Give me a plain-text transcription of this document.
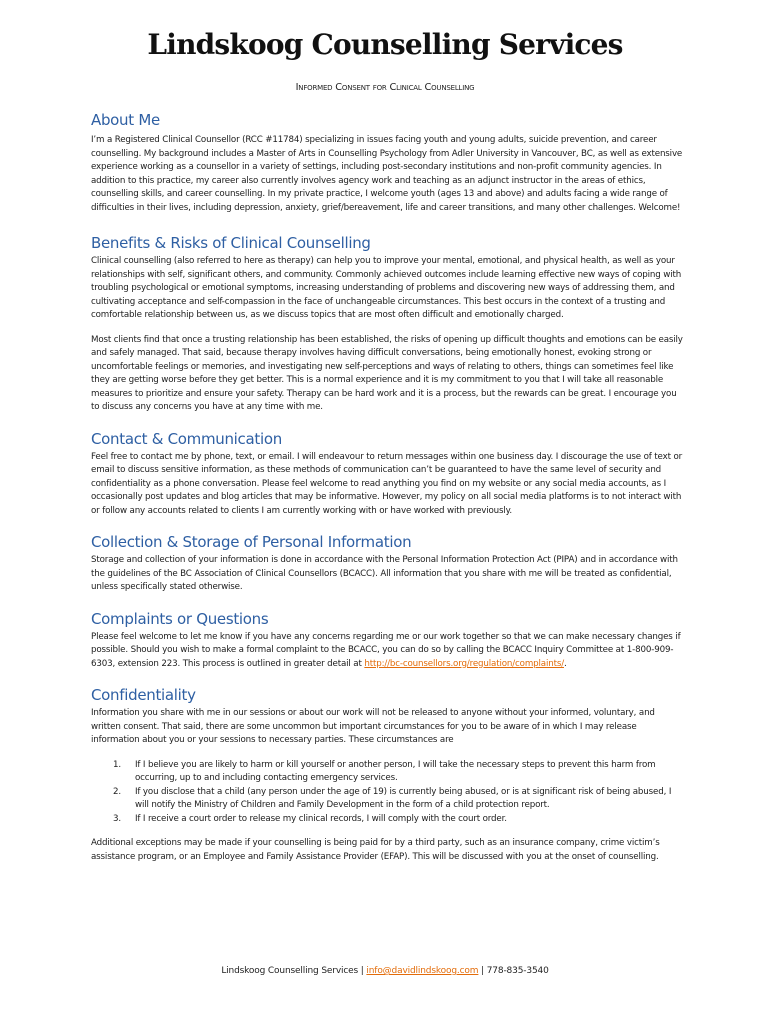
Lindskoog Counselling Services
Informed Consent for Clinical Counselling
About Me

I’m a Registered Clinical Counsellor (RCC #11784) specializing in issues facing youth and young adults, suicide prevention, and career counselling. My background includes a Master of Arts in Counselling Psychology from Adler University in Vancouver, BC, as well as extensive experience working as a counsellor in a variety of settings, including post-secondary institutions and non-profit community agencies. In addition to this practice, my career also currently involves agency work and teaching as an adjunct instructor in the areas of ethics, counselling skills, and career counselling. In my private practice, I welcome youth (ages 13 and above) and adults facing a wide range of difficulties in their lives, including depression, anxiety, grief/bereavement, life and career transitions, and many other challenges. Welcome!

Benefits & Risks of Clinical Counselling

Clinical counselling (also referred to here as therapy) can help you to improve your mental, emotional, and physical health, as well as your relationships with self, significant others, and community. Commonly achieved outcomes include learning effective new ways of coping with troubling psychological or emotional symptoms, increasing understanding of problems and discovering new ways of addressing them, and cultivating acceptance and self-compassion in the face of unchangeable circumstances. This best occurs in the context of a trusting and comfortable relationship between us, as we discuss topics that are most often difficult and emotionally charged.

Most clients find that once a trusting relationship has been established, the risks of opening up difficult thoughts and emotions can be easily and safely managed. That said, because therapy involves having difficult conversations, being emotionally honest, evoking strong or uncomfortable feelings or memories, and investigating new self-perceptions and ways of relating to others, things can sometimes feel like they are getting worse before they get better. This is a normal experience and it is my commitment to you that I will take all reasonable measures to prioritize and ensure your safety. Therapy can be hard work and it is a process, but the rewards can be great. I encourage you to discuss any concerns you have at any time with me.

Contact & Communication

Feel free to contact me by phone, text, or email. I will endeavour to return messages within one business day. I discourage the use of text or email to discuss sensitive information, as these methods of communication can’t be guaranteed to have the same level of security and confidentiality as a phone conversation. Please feel welcome to read anything you find on my website or any social media accounts, as I occasionally post updates and blog articles that may be informative. However, my policy on all social media platforms is to not interact with or follow any accounts related to clients I am currently working with or have worked with previously.

Collection & Storage of Personal Information

Storage and collection of your information is done in accordance with the Personal Information Protection Act (PIPA) and in accordance with the guidelines of the BC Association of Clinical Counsellors (BCACC). All information that you share with me will be treated as confidential, unless specifically stated otherwise.

Complaints or Questions

Please feel welcome to let me know if you have any concerns regarding me or our work together so that we can make necessary changes if possible. Should you wish to make a formal complaint to the BCACC, you can do so by calling the BCACC Inquiry Committee at 1-800-909-6303, extension 223. This process is outlined in greater detail at http://bc-counsellors.org/regulation/complaints/.

Confidentiality

Information you share with me in our sessions or about our work will not be released to anyone without your informed, voluntary, and written consent. That said, there are some uncommon but important circumstances for you to be aware of in which I may release information about you or your sessions to necessary parties. These circumstances are

1. If I believe you are likely to harm or kill yourself or another person, I will take the necessary steps to prevent this harm from occurring, up to and including contacting emergency services.
2. If you disclose that a child (any person under the age of 19) is currently being abused, or is at significant risk of being abused, I will notify the Ministry of Children and Family Development in the form of a child protection report.
3. If I receive a court order to release my clinical records, I will comply with the court order.

Additional exceptions may be made if your counselling is being paid for by a third party, such as an insurance company, crime victim’s assistance program, or an Employee and Family Assistance Provider (EFAP). This will be discussed with you at the onset of counselling.

Lindskoog Counselling Services | info@davidlindskoog.com | 778-835-3540
